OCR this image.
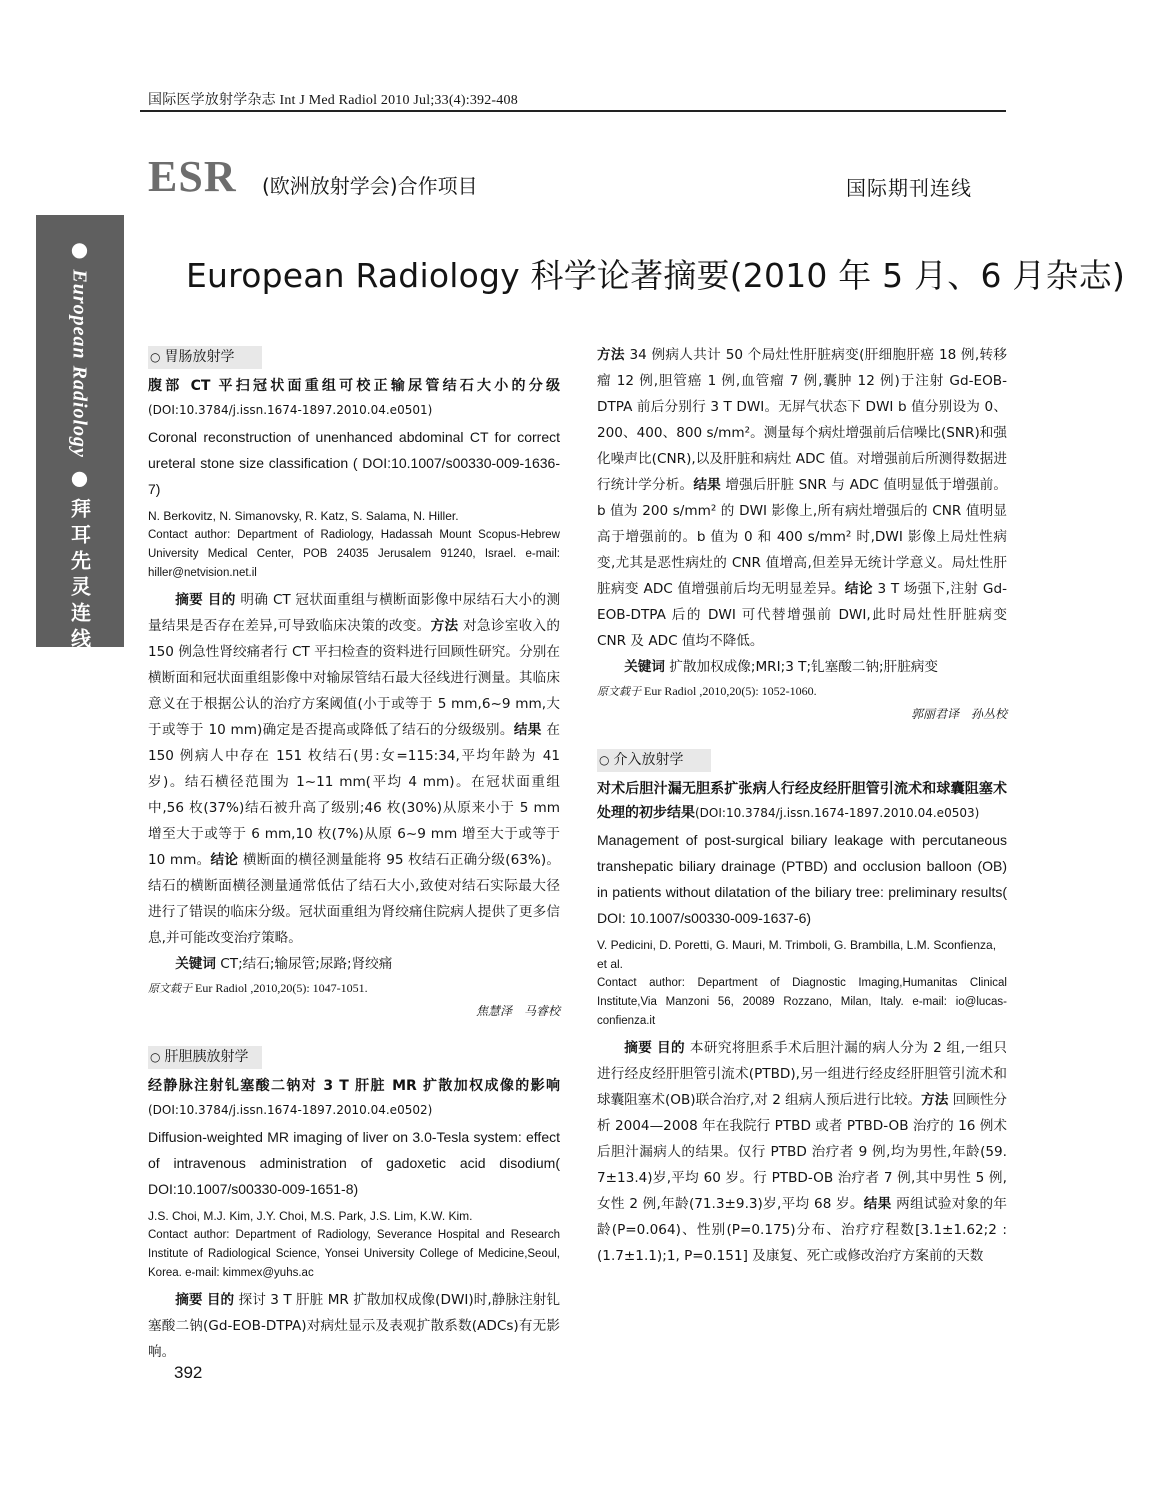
国际医学放射学杂志 Int J Med Radiol 2010 Jul;33(4):392-408
ESR (欧洲放射学会)合作项目	国际期刊连线
● European Radiology ● 拜耳先灵连线
European Radiology 科学论著摘要(2010 年 5 月、6 月杂志)
○ 胃肠放射学
腹部 CT 平扫冠状面重组可校正输尿管结石大小的分级(DOI:10.3784/j.issn.1674-1897.2010.04.e0501)
Coronal reconstruction of unenhanced abdominal CT for correct ureteral stone size classification ( DOI:10.1007/s00330-009-1636-7)
N. Berkovitz, N. Simanovsky, R. Katz, S. Salama, N. Hiller.
Contact author: Department of Radiology, Hadassah Mount Scopus-Hebrew University Medical Center, POB 24035 Jerusalem 91240, Israel. e-mail: hiller@netvision.net.il
摘要 目的 明确 CT 冠状面重组与横断面影像中尿结石大小的测量结果是否存在差异,可导致临床决策的改变。方法 对急诊室收入的 150 例急性肾绞痛者行 CT 平扫检查的资料进行回顾性研究。分别在横断面和冠状面重组影像中对输尿管结石最大径线进行测量。其临床意义在于根据公认的治疗方案阈值(小于或等于 5 mm,6~9 mm,大于或等于 10 mm)确定是否提高或降低了结石的分级级别。结果 在 150 例病人中存在 151 枚结石(男:女=115:34,平均年龄为 41 岁)。结石横径范围为 1~11 mm(平均 4 mm)。在冠状面重组中,56 枚(37%)结石被升高了级别;46 枚(30%)从原来小于 5 mm 增至大于或等于 6 mm,10 枚(7%)从原 6~9 mm 增至大于或等于 10 mm。结论 横断面的横径测量能将 95 枚结石正确分级(63%)。结石的横断面横径测量通常低估了结石大小,致使对结石实际最大径进行了错误的临床分级。冠状面重组为肾绞痛住院病人提供了更多信息,并可能改变治疗策略。
关键词 CT;结石;输尿管;尿路;肾绞痛
原文载于 Eur Radiol ,2010,20(5): 1047-1051.
焦慧泽　马睿校
○ 肝胆胰放射学
经静脉注射钆塞酸二钠对 3 T 肝脏 MR 扩散加权成像的影响(DOI:10.3784/j.issn.1674-1897.2010.04.e0502)
Diffusion-weighted MR imaging of liver on 3.0-Tesla system: effect of intravenous administration of gadoxetic acid disodium( DOI:10.1007/s00330-009-1651-8)
J.S. Choi, M.J. Kim, J.Y. Choi, M.S. Park, J.S. Lim, K.W. Kim.
Contact author: Department of Radiology, Severance Hospital and Research Institute of Radiological Science, Yonsei University College of Medicine,Seoul, Korea. e-mail: kimmex@yuhs.ac
摘要 目的 探讨 3 T 肝脏 MR 扩散加权成像(DWI)时,静脉注射钆塞酸二钠(Gd-EOB-DTPA)对病灶显示及表观扩散系数(ADCs)有无影响。
方法 34 例病人共计 50 个局灶性肝脏病变(肝细胞肝癌 18 例,转移瘤 12 例,胆管癌 1 例,血管瘤 7 例,囊肿 12 例)于注射 Gd-EOB-DTPA 前后分别行 3 T DWI。无屏气状态下 DWI b 值分别设为 0、200、400、800 s/mm²。测量每个病灶增强前后信噪比(SNR)和强化噪声比(CNR),以及肝脏和病灶 ADC 值。对增强前后所测得数据进行统计学分析。结果 增强后肝脏 SNR 与 ADC 值明显低于增强前。b 值为 200 s/mm² 的 DWI 影像上,所有病灶增强后的 CNR 值明显高于增强前的。b 值为 0 和 400 s/mm² 时,DWI 影像上局灶性病变,尤其是恶性病灶的 CNR 值增高,但差异无统计学意义。局灶性肝脏病变 ADC 值增强前后均无明显差异。结论 3 T 场强下,注射 Gd-EOB-DTPA 后的 DWI 可代替增强前 DWI,此时局灶性肝脏病变 CNR 及 ADC 值均不降低。
关键词 扩散加权成像;MRI;3 T;钆塞酸二钠;肝脏病变
原文载于 Eur Radiol ,2010,20(5): 1052-1060.
郭丽君译　孙丛校
○ 介入放射学
对术后胆汁漏无胆系扩张病人行经皮经肝胆管引流术和球囊阻塞术处理的初步结果(DOI:10.3784/j.issn.1674-1897.2010.04.e0503)
Management of post-surgical biliary leakage with percutaneous transhepatic biliary drainage (PTBD) and occlusion balloon (OB) in patients without dilatation of the biliary tree: preliminary results( DOI: 10.1007/s00330-009-1637-6)
V. Pedicini, D. Poretti, G. Mauri, M. Trimboli, G. Brambilla, L.M. Sconfienza, et al.
Contact author: Department of Diagnostic Imaging,Humanitas Clinical Institute,Via Manzoni 56, 20089 Rozzano, Milan, Italy. e-mail: io@lucas-confienza.it
摘要 目的 本研究将胆系手术后胆汁漏的病人分为 2 组,一组只进行经皮经肝胆管引流术(PTBD),另一组进行经皮经肝胆管引流术和球囊阻塞术(OB)联合治疗,对 2 组病人预后进行比较。方法 回顾性分析 2004—2008 年在我院行 PTBD 或者 PTBD-OB 治疗的 16 例术后胆汁漏病人的结果。仅行 PTBD 治疗者 9 例,均为男性,年龄(59. 7±13.4)岁,平均 60 岁。行 PTBD-OB 治疗者 7 例,其中男性 5 例,女性 2 例,年龄(71.3±9.3)岁,平均 68 岁。结果 两组试验对象的年龄(P=0.064)、性别(P=0.175)分布、治疗疗程数[3.1±1.62;2 :(1.7±1.1);1, P=0.151] 及康复、死亡或修改治疗方案前的天数
392
